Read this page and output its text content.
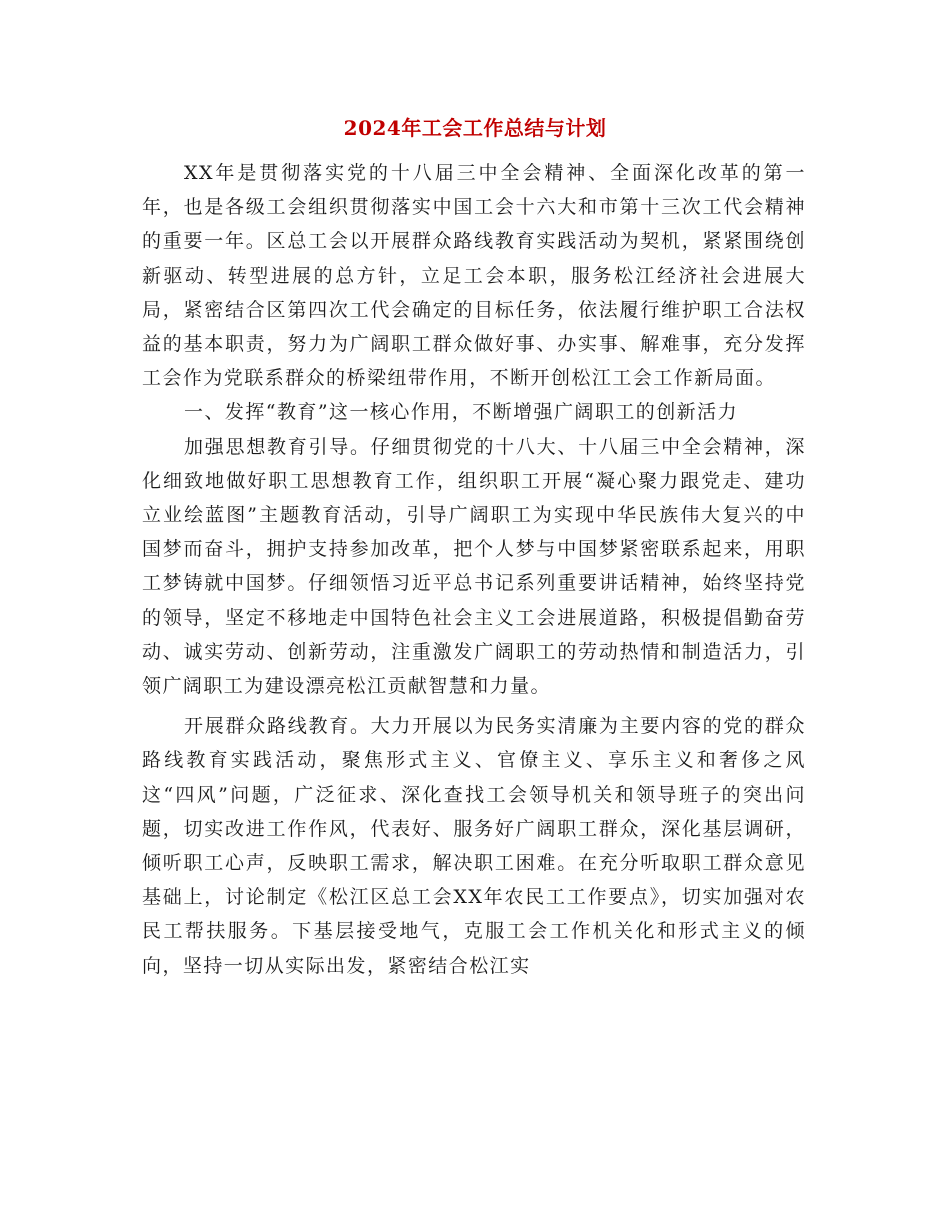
2024年工会工作总结与计划

XX年是贯彻落实党的十八届三中全会精神、全面深化改革的第一年，也是各级工会组织贯彻落实中国工会十六大和市第十三次工代会精神的重要一年。区总工会以开展群众路线教育实践活动为契机，紧紧围绕创新驱动、转型进展的总方针，立足工会本职，服务松江经济社会进展大局，紧密结合区第四次工代会确定的目标任务，依法履行维护职工合法权益的基本职责，努力为广阔职工群众做好事、办实事、解难事，充分发挥工会作为党联系群众的桥梁纽带作用，不断开创松江工会工作新局面。

一、发挥“教育”这一核心作用，不断增强广阔职工的创新活力

加强思想教育引导。仔细贯彻党的十八大、十八届三中全会精神，深化细致地做好职工思想教育工作，组织职工开展“凝心聚力跟党走、建功立业绘蓝图”主题教育活动，引导广阔职工为实现中华民族伟大复兴的中国梦而奋斗，拥护支持参加改革，把个人梦与中国梦紧密联系起来，用职工梦铸就中国梦。仔细领悟习近平总书记系列重要讲话精神，始终坚持党的领导，坚定不移地走中国特色社会主义工会进展道路，积极提倡勤奋劳动、诚实劳动、创新劳动，注重激发广阔职工的劳动热情和制造活力，引领广阔职工为建设漂亮松江贡献智慧和力量。

开展群众路线教育。大力开展以为民务实清廉为主要内容的党的群众路线教育实践活动，聚焦形式主义、官僚主义、享乐主义和奢侈之风这“四风”问题，广泛征求、深化查找工会领导机关和领导班子的突出问题，切实改进工作作风，代表好、服务好广阔职工群众，深化基层调研，倾听职工心声，反映职工需求，解决职工困难。在充分听取职工群众意见基础上，讨论制定《松江区总工会XX年农民工工作要点》，切实加强对农民工帮扶服务。下基层接受地气，克服工会工作机关化和形式主义的倾向，坚持一切从实际出发，紧密结合松江实
